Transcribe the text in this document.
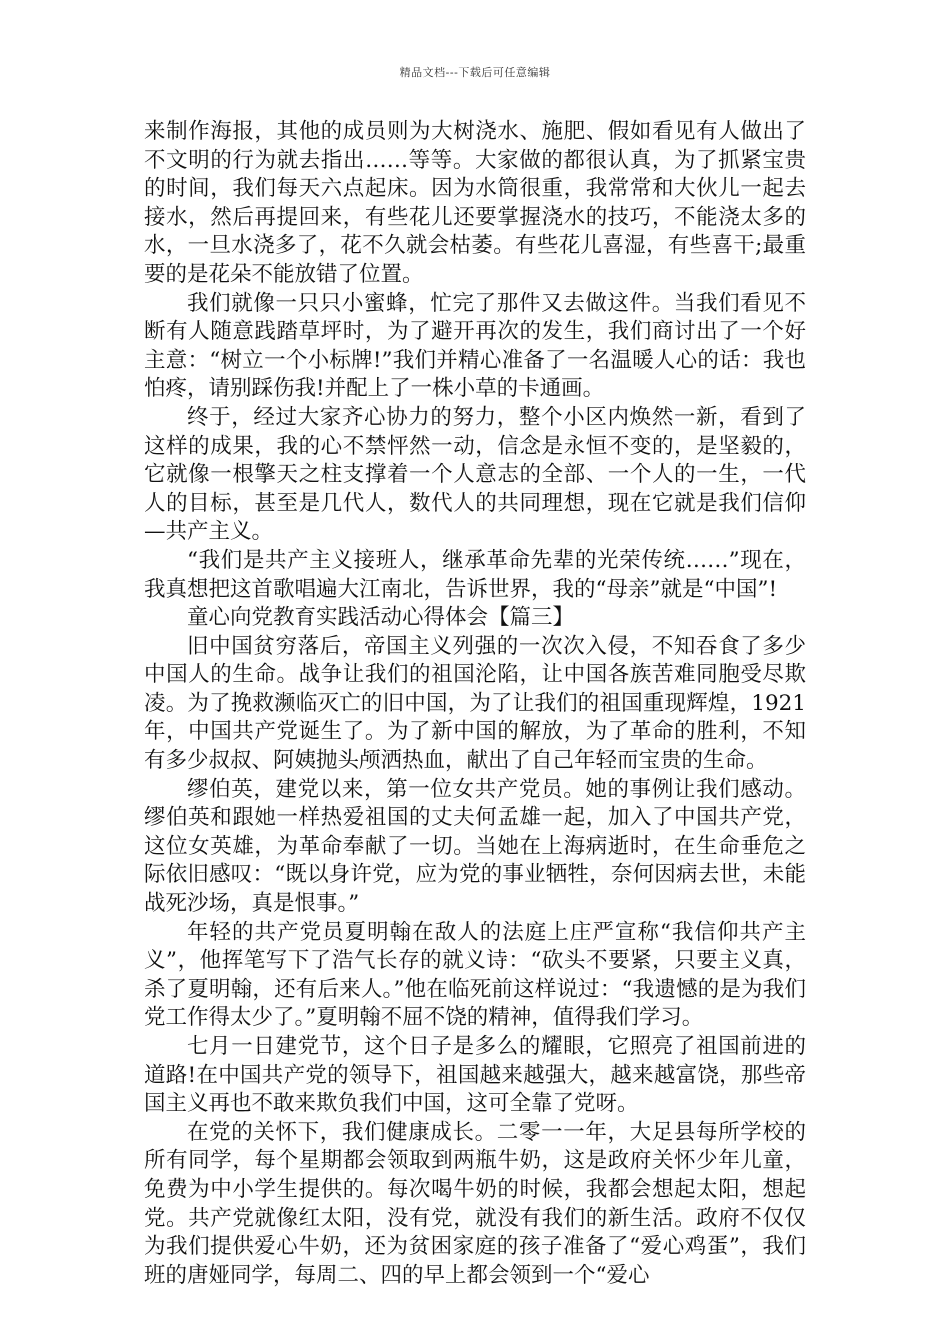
精品文档---下载后可任意编辑

来制作海报，其他的成员则为大树浇水、施肥、假如看见有人做出了不文明的行为就去指出……等等。大家做的都很认真，为了抓紧宝贵的时间，我们每天六点起床。因为水筒很重，我常常和大伙儿一起去接水，然后再提回来，有些花儿还要掌握浇水的技巧，不能浇太多的水，一旦水浇多了，花不久就会枯萎。有些花儿喜湿，有些喜干;最重要的是花朵不能放错了位置。

我们就像一只只小蜜蜂，忙完了那件又去做这件。当我们看见不断有人随意践踏草坪时，为了避开再次的发生，我们商讨出了一个好主意：“树立一个小标牌!”我们并精心准备了一名温暖人心的话：我也怕疼，请别踩伤我!并配上了一株小草的卡通画。

终于，经过大家齐心协力的努力，整个小区内焕然一新，看到了这样的成果，我的心不禁怦然一动，信念是永恒不变的，是坚毅的，它就像一根擎天之柱支撑着一个人意志的全部、一个人的一生，一代人的目标，甚至是几代人，数代人的共同理想，现在它就是我们信仰—共产主义。

“我们是共产主义接班人，继承革命先辈的光荣传统……”现在，我真想把这首歌唱遍大江南北，告诉世界，我的“母亲”就是“中国”!

童心向党教育实践活动心得体会【篇三】

旧中国贫穷落后，帝国主义列强的一次次入侵，不知吞食了多少中国人的生命。战争让我们的祖国沦陷，让中国各族苦难同胞受尽欺凌。为了挽救濒临灭亡的旧中国，为了让我们的祖国重现辉煌，1921年，中国共产党诞生了。为了新中国的解放，为了革命的胜利，不知有多少叔叔、阿姨抛头颅洒热血，献出了自己年轻而宝贵的生命。

缪伯英，建党以来，第一位女共产党员。她的事例让我们感动。缪伯英和跟她一样热爱祖国的丈夫何孟雄一起，加入了中国共产党，这位女英雄，为革命奉献了一切。当她在上海病逝时，在生命垂危之际依旧感叹：“既以身许党，应为党的事业牺牲，奈何因病去世，未能战死沙场，真是恨事。”

年轻的共产党员夏明翰在敌人的法庭上庄严宣称“我信仰共产主义”，他挥笔写下了浩气长存的就义诗：“砍头不要紧，只要主义真，杀了夏明翰，还有后来人。”他在临死前这样说过：“我遗憾的是为我们党工作得太少了。”夏明翰不屈不饶的精神，值得我们学习。

七月一日建党节，这个日子是多么的耀眼，它照亮了祖国前进的道路!在中国共产党的领导下，祖国越来越强大，越来越富饶，那些帝国主义再也不敢来欺负我们中国，这可全靠了党呀。

在党的关怀下，我们健康成长。二零一一年，大足县每所学校的所有同学，每个星期都会领取到两瓶牛奶，这是政府关怀少年儿童，免费为中小学生提供的。每次喝牛奶的时候，我都会想起太阳，想起党。共产党就像红太阳，没有党，就没有我们的新生活。政府不仅仅为我们提供爱心牛奶，还为贫困家庭的孩子准备了“爱心鸡蛋”，我们班的唐娅同学，每周二、四的早上都会领到一个“爱心
